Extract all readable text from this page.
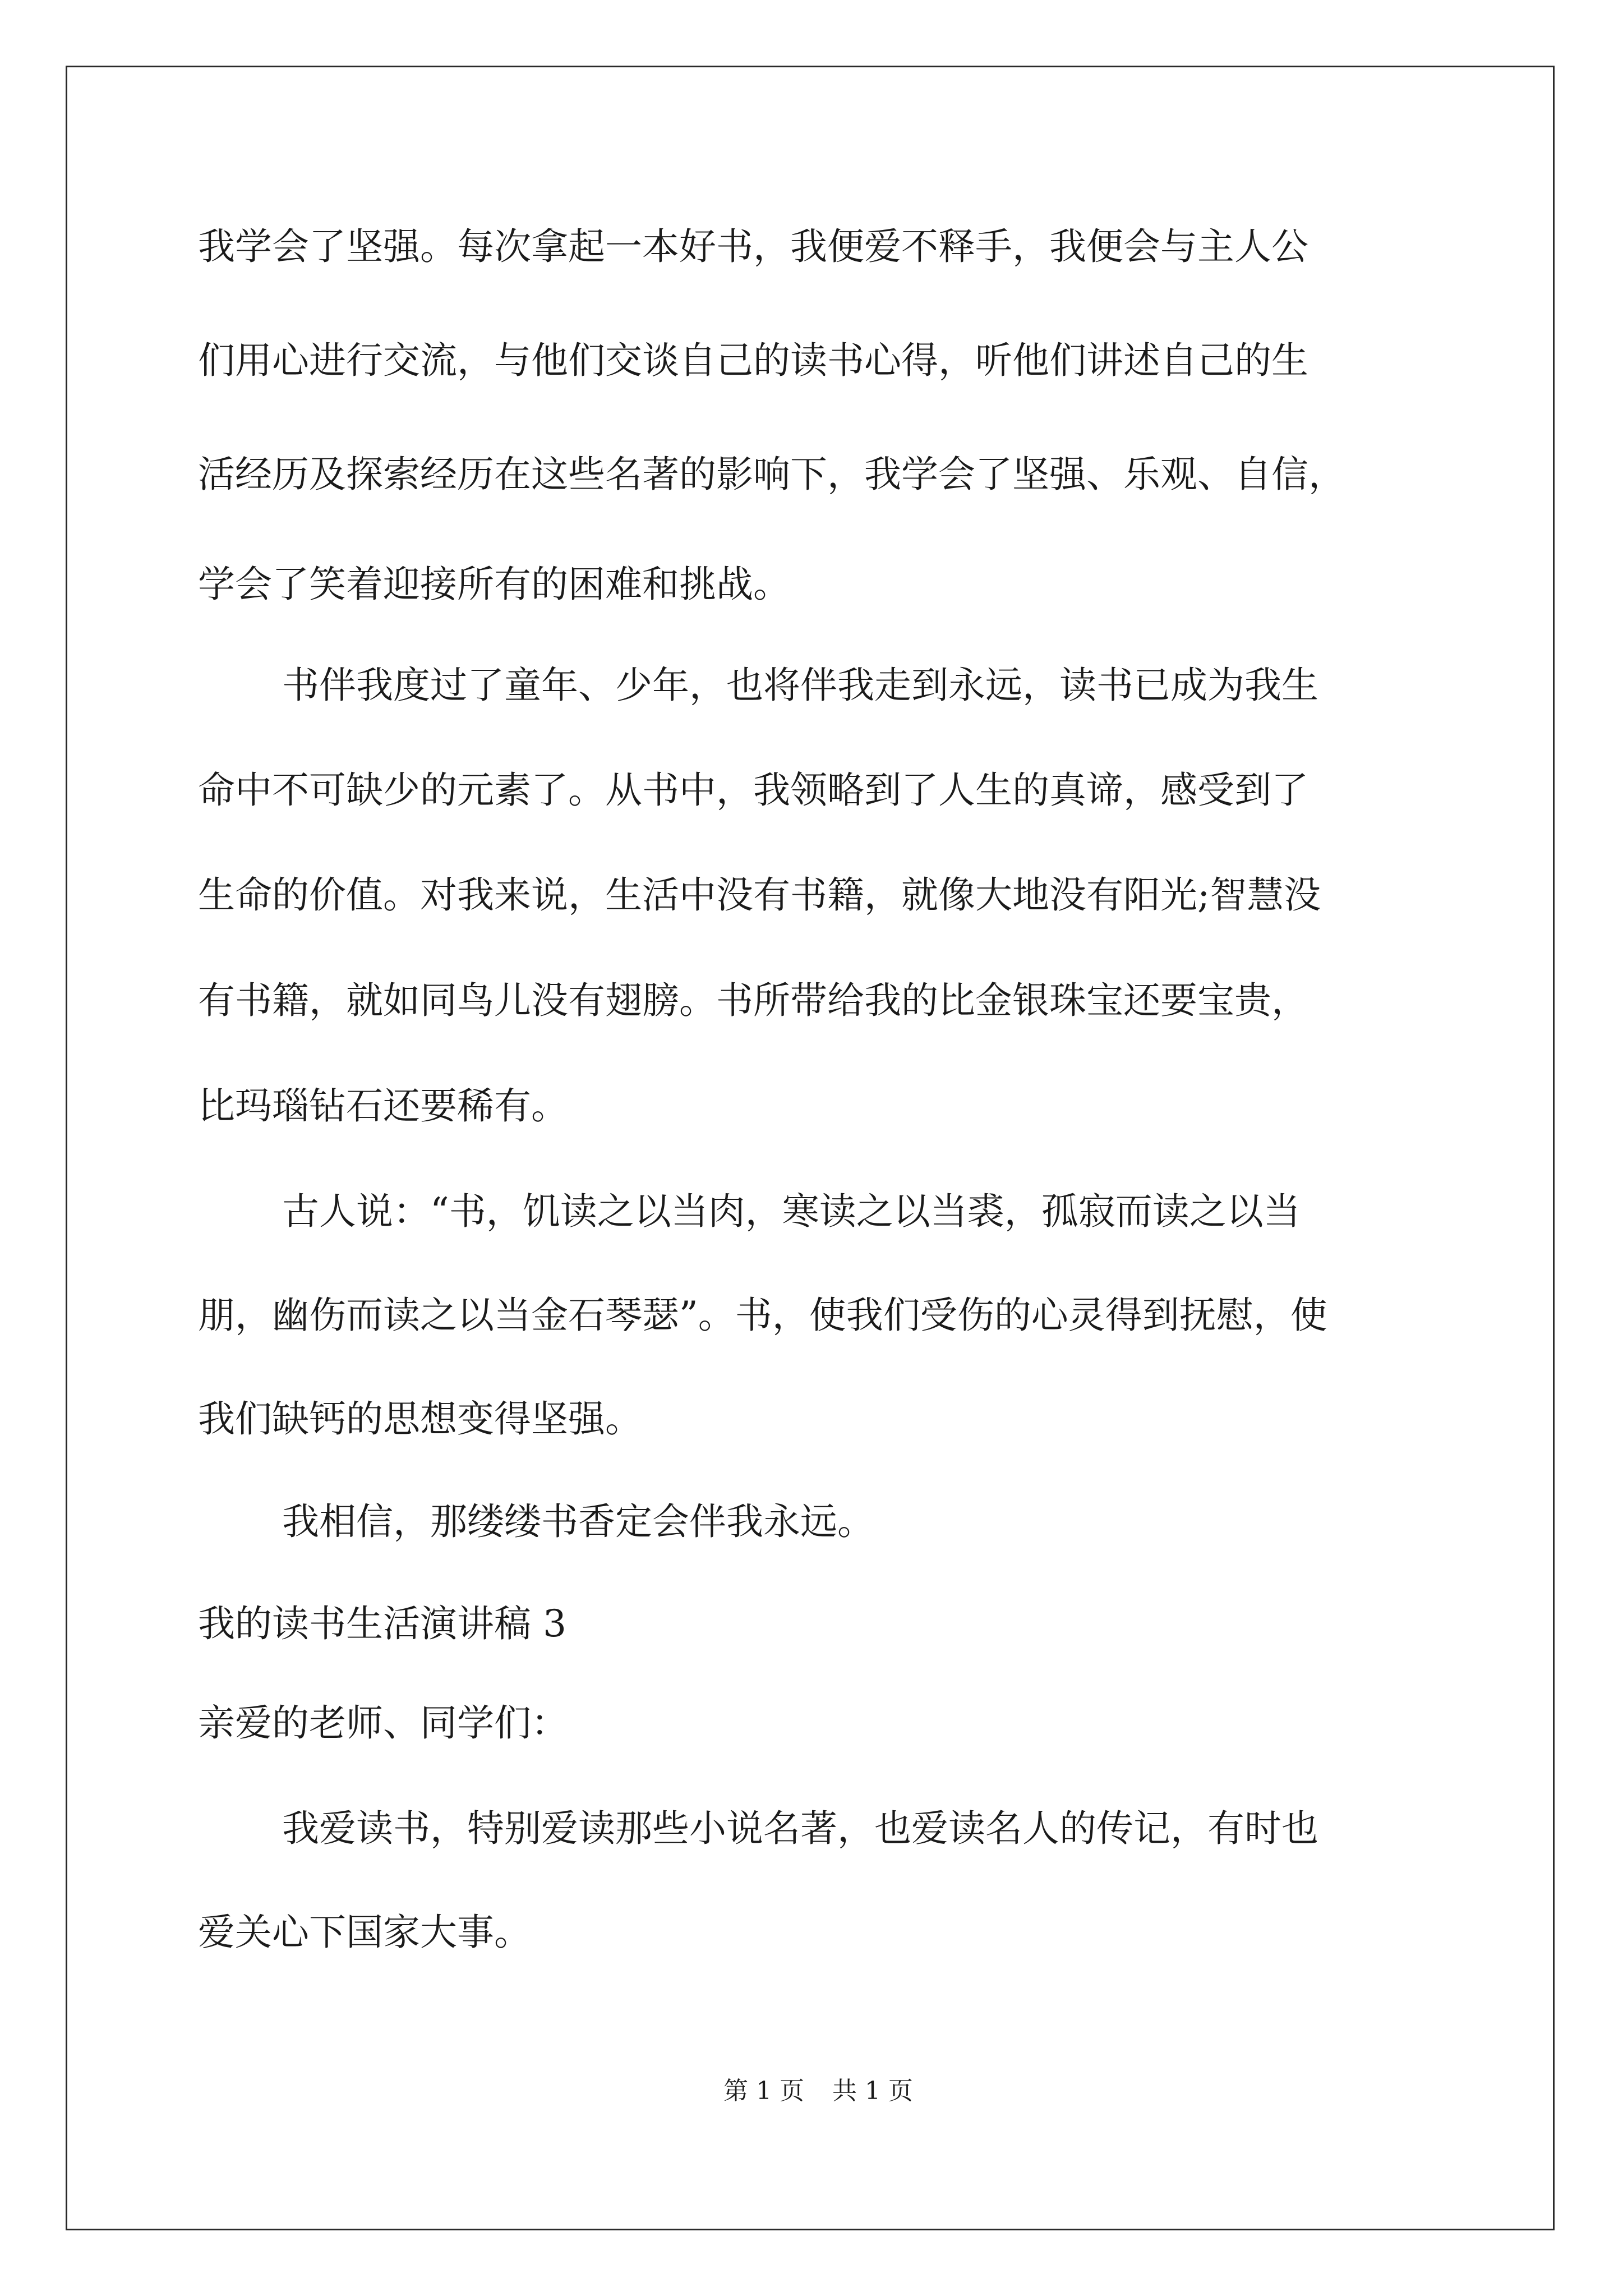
我学会了坚强。每次拿起一本好书，我便爱不释手，我便会与主人公

们用心进行交流，与他们交谈自己的读书心得，听他们讲述自己的生

活经历及探索经历在这些名著的影响下，我学会了坚强、乐观、自信，

学会了笑着迎接所有的困难和挑战。

书伴我度过了童年、少年，也将伴我走到永远，读书已成为我生

命中不可缺少的元素了。从书中，我领略到了人生的真谛，感受到了

生命的价值。对我来说，生活中没有书籍，就像大地没有阳光;智慧没

有书籍，就如同鸟儿没有翅膀。书所带给我的比金银珠宝还要宝贵，

比玛瑙钻石还要稀有。

古人说：“书，饥读之以当肉，寒读之以当裘，孤寂而读之以当

朋，幽伤而读之以当金石琴瑟”。书，使我们受伤的心灵得到抚慰，使

我们缺钙的思想变得坚强。

我相信，那缕缕书香定会伴我永远。

我的读书生活演讲稿 3

亲爱的老师、同学们：

我爱读书，特别爱读那些小说名著，也爱读名人的传记，有时也

爱关心下国家大事。

第 1 页 共 1 页
